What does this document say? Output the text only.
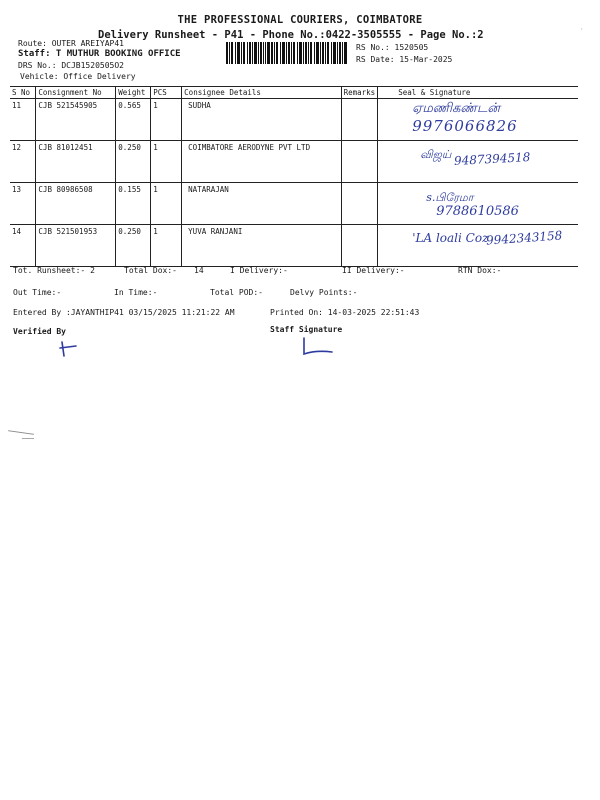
THE PROFESSIONAL COURIERS, COIMBATORE
Delivery Runsheet - P41 - Phone No.:0422-3505555 - Page No.:2
Route: OUTER AREIYAP41
Staff: T MUTHUR BOOKING OFFICE
DRS No.: DCJB1520505O2
Vehicle: Office Delivery
RS No.: 1520505
RS Date: 15-Mar-2025
S No	Consignment No	Weight	PCS	Consignee Details	Remarks	Seal & Signature
11	CJB 521545905	0.565	1	SUDHA		ஏமணிகண்டன்
9976066826

12	CJB 81012451	0.250	1	COIMBATORE AERODYNE PVT LTD		விஜய் 9487394518

13	CJB 80986508	0.155	1	NATARAJAN		s.பிரேமா
9788610586

14	CJB 521501953	0.250	1	YUVA RANJANI		'LA loali Coz
9942343158
Tot. Runsheet:- 2	Total Dox:- 14	I Delivery:-	II Delivery:-	RTN Dox:-
Out Time:-	In Time:-	Total POD:-	Delvy Points:-
Entered By :JAYANTHIP41 03/15/2025 11:21:22 AM	Printed On: 14-03-2025 22:51:43
Verified By	Staff Signature
·
